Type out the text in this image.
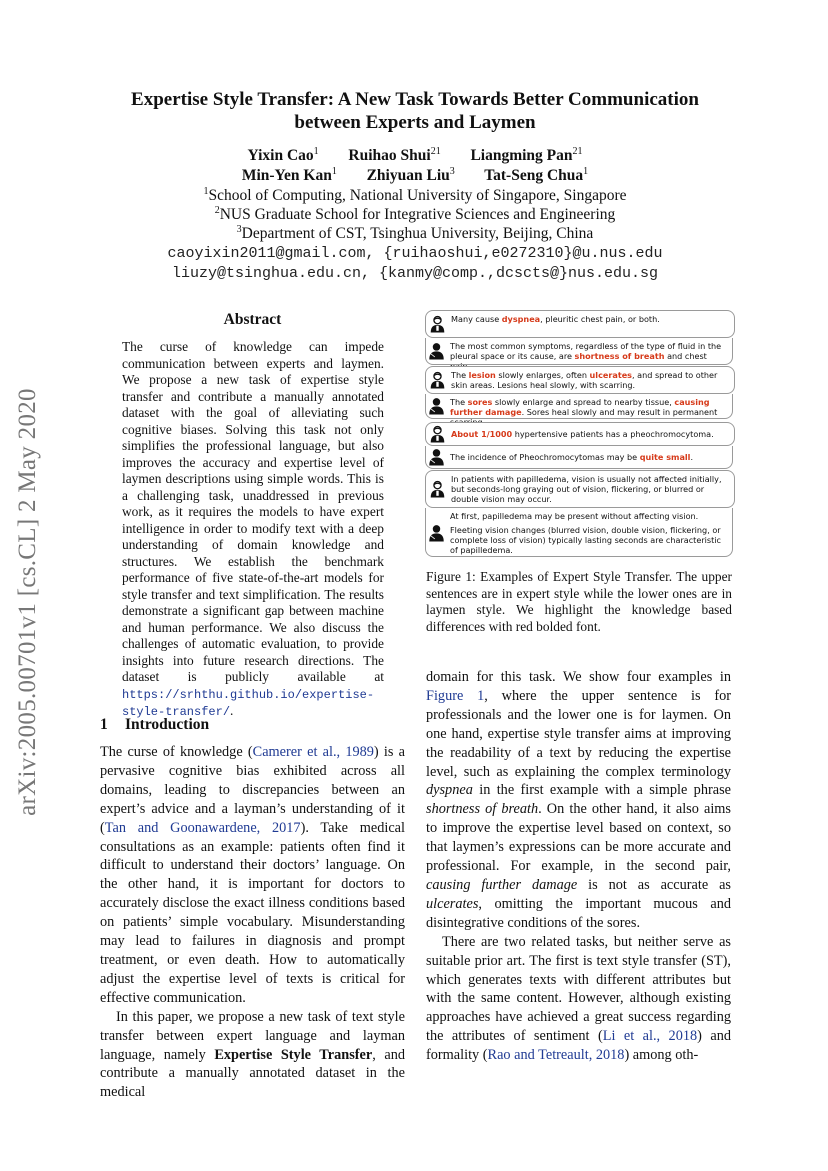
arXiv:2005.00701v1 [cs.CL] 2 May 2020
Expertise Style Transfer: A New Task Towards Better Communication
between Experts and Laymen
Yixin Cao$^1$ Ruihao Shui$^{21}$ Liangming Pan$^{21}$
Min-Yen Kan$^1$ Zhiyuan Liu$^3$ Tat-Seng Chua$^1$
$^1$School of Computing, National University of Singapore, Singapore
$^2$NUS Graduate School for Integrative Sciences and Engineering
$^3$Department of CST, Tsinghua University, Beijing, China
caoyixin2011@gmail.com, {ruihaoshui,e0272310}@u.nus.edu
liuzy@tsinghua.edu.cn, {kanmy@comp.,dcscts@}nus.edu.sg
Abstract
The curse of knowledge can impede communication between experts and laymen. We propose a new task of expertise style transfer and contribute a manually annotated dataset with the goal of alleviating such cognitive biases. Solving this task not only simplifies the professional language, but also improves the accuracy and expertise level of laymen descriptions using simple words. This is a challenging task, unaddressed in previous work, as it requires the models to have expert intelligence in order to modify text with a deep understanding of domain knowledge and structures. We establish the benchmark performance of five state-of-the-art models for style transfer and text simplification. The results demonstrate a significant gap between machine and human performance. We also discuss the challenges of automatic evaluation, to provide insights into future research directions. The dataset is publicly available at https://srhthu.github.io/expertise-style-transfer/.
Many cause dyspnea, pleuritic chest pain, or both.
The most common symptoms, regardless of the type of fluid in the pleural space or its cause, are shortness of breath and chest
The lesion slowly enlarges, often ulcerates, and spread to other skin areas. Lesions heal slowly, with scarring.
The sores slowly enlarge and spread to nearby tissue, causing further damage. Sores heal slowly and may result in permanent
About 1/1000 hypertensive patients has a pheochromocytoma.
The incidence of Pheochromocytomas may be quite small.
In patients with papilledema, vision is usually not affected initially, but seconds-long graying out of vision, flickering, or blurred or double vision may occur.
At first, papilledema may be present without affecting vision.
Fleeting vision changes (blurred vision, double vision, flickering, or complete loss of vision) typically lasting seconds are characteristic of papilledema.
Figure 1: Examples of Expert Style Transfer. The upper sentences are in expert style while the lower ones are in laymen style. We highlight the knowledge based differences with red bolded font.
1 Introduction

The curse of knowledge (Camerer et al., 1989) is a pervasive cognitive bias exhibited across all domains, leading to discrepancies between an expert’s advice and a layman’s understanding of it (Tan and Goonawardene, 2017). Take medical consultations as an example: patients often find it difficult to understand their doctors’ language. On the other hand, it is important for doctors to accurately disclose the exact illness conditions based on patients’ simple vocabulary. Misunderstanding may lead to failures in diagnosis and prompt treatment, or even death. How to automatically adjust the expertise level of texts is critical for effective communication.

In this paper, we propose a new task of text style transfer between expert language and layman language, namely Expertise Style Transfer, and contribute a manually annotated dataset in the medical

domain for this task. We show four examples in Figure 1, where the upper sentence is for professionals and the lower one is for laymen. On one hand, expertise style transfer aims at improving the readability of a text by reducing the expertise level, such as explaining the complex terminology dyspnea in the first example with a simple phrase shortness of breath. On the other hand, it also aims to improve the expertise level based on context, so that laymen’s expressions can be more accurate and professional. For example, in the second pair, causing further damage is not as accurate as ulcerates, omitting the important mucous and disintegrative conditions of the sores.

There are two related tasks, but neither serve as suitable prior art. The first is text style transfer (ST), which generates texts with different attributes but with the same content. However, although existing approaches have achieved a great success regarding the attributes of sentiment (Li et al., 2018) and formality (Rao and Tetreault, 2018) among oth-
